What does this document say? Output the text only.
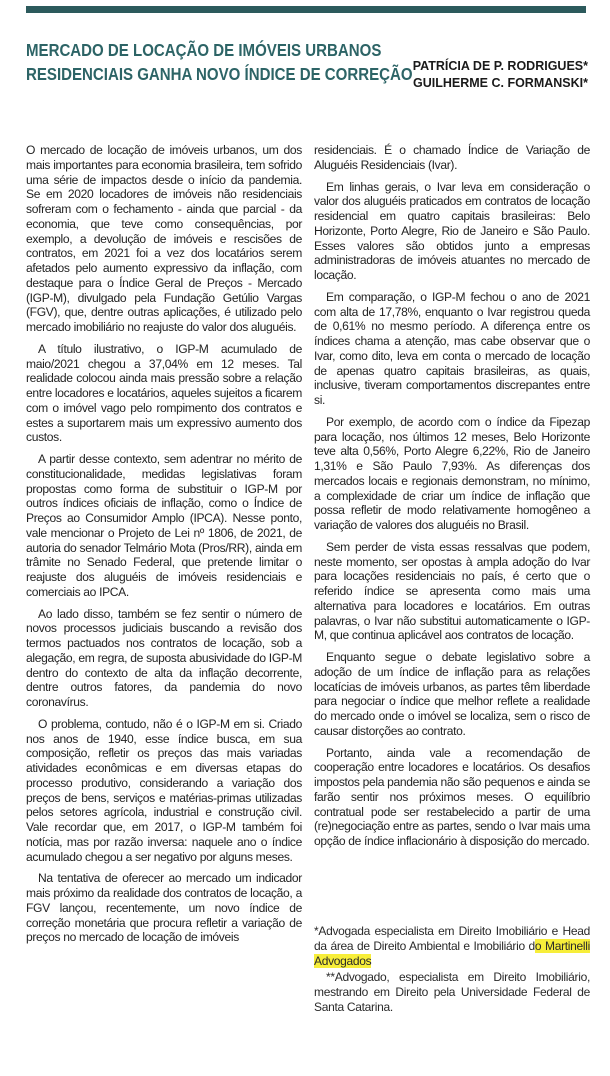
MERCADO DE LOCAÇÃO DE IMÓVEIS URBANOS
RESIDENCIAIS GANHA NOVO ÍNDICE DE CORREÇÃO PATRÍCIA DE P. RODRIGUES*
GUILHERME C. FORMANSKI*

O mercado de locação de imóveis urbanos, um dos mais importantes para economia brasileira, tem sofrido uma série de impactos desde o início da pandemia. Se em 2020 locadores de imóveis não residenciais sofreram com o fechamento - ainda que parcial - da economia, que teve como consequências, por exemplo, a devolução de imóveis e rescisões de contratos, em 2021 foi a vez dos locatários serem afetados pelo aumento expressivo da inflação, com destaque para o Índice Geral de Preços - Mercado (IGP-M), divulgado pela Fundação Getúlio Vargas (FGV), que, dentre outras aplicações, é utilizado pelo mercado imobiliário no reajuste do valor dos aluguéis.

A título ilustrativo, o IGP-M acumulado de maio/2021 chegou a 37,04% em 12 meses. Tal realidade colocou ainda mais pressão sobre a relação entre locadores e locatários, aqueles sujeitos a ficarem com o imóvel vago pelo rompimento dos contratos e estes a suportarem mais um expressivo aumento dos custos.

A partir desse contexto, sem adentrar no mérito de constitucionalidade, medidas legislativas foram propostas como forma de substituir o IGP-M por outros índices oficiais de inflação, como o Índice de Preços ao Consumidor Amplo (IPCA). Nesse ponto, vale mencionar o Projeto de Lei nº 1806, de 2021, de autoria do senador Telmário Mota (Pros/RR), ainda em trâmite no Senado Federal, que pretende limitar o reajuste dos aluguéis de imóveis residenciais e comerciais ao IPCA.

Ao lado disso, também se fez sentir o número de novos processos judiciais buscando a revisão dos termos pactuados nos contratos de locação, sob a alegação, em regra, de suposta abusividade do IGP-M dentro do contexto de alta da inflação decorrente, dentre outros fatores, da pandemia do novo coronavírus.

O problema, contudo, não é o IGP-M em si. Criado nos anos de 1940, esse índice busca, em sua composição, refletir os preços das mais variadas atividades econômicas e em diversas etapas do processo produtivo, considerando a variação dos preços de bens, serviços e matérias-primas utilizadas pelos setores agrícola, industrial e construção civil. Vale recordar que, em 2017, o IGP-M também foi notícia, mas por razão inversa: naquele ano o índice acumulado chegou a ser negativo por alguns meses.

Na tentativa de oferecer ao mercado um indicador mais próximo da realidade dos contratos de locação, a FGV lançou, recentemente, um novo índice de correção monetária que procura refletir a variação de preços no mercado de locação de imóveis

residenciais. É o chamado Índice de Variação de Aluguéis Residenciais (Ivar).

Em linhas gerais, o Ivar leva em consideração o valor dos aluguéis praticados em contratos de locação residencial em quatro capitais brasileiras: Belo Horizonte, Porto Alegre, Rio de Janeiro e São Paulo. Esses valores são obtidos junto a empresas administradoras de imóveis atuantes no mercado de locação.

Em comparação, o IGP-M fechou o ano de 2021 com alta de 17,78%, enquanto o Ivar registrou queda de 0,61% no mesmo período. A diferença entre os índices chama a atenção, mas cabe observar que o Ivar, como dito, leva em conta o mercado de locação de apenas quatro capitais brasileiras, as quais, inclusive, tiveram comportamentos discrepantes entre si.

Por exemplo, de acordo com o índice da Fipezap para locação, nos últimos 12 meses, Belo Horizonte teve alta 0,56%, Porto Alegre 6,22%, Rio de Janeiro 1,31% e São Paulo 7,93%. As diferenças dos mercados locais e regionais demonstram, no mínimo, a complexidade de criar um índice de inflação que possa refletir de modo relativamente homogêneo a variação de valores dos aluguéis no Brasil.

Sem perder de vista essas ressalvas que podem, neste momento, ser opostas à ampla adoção do Ivar para locações residenciais no país, é certo que o referido índice se apresenta como mais uma alternativa para locadores e locatários. Em outras palavras, o Ivar não substitui automaticamente o IGP-M, que continua aplicável aos contratos de locação.

Enquanto segue o debate legislativo sobre a adoção de um índice de inflação para as relações locatícias de imóveis urbanos, as partes têm liberdade para negociar o índice que melhor reflete a realidade do mercado onde o imóvel se localiza, sem o risco de causar distorções ao contrato.

Portanto, ainda vale a recomendação de cooperação entre locadores e locatários. Os desafios impostos pela pandemia não são pequenos e ainda se farão sentir nos próximos meses. O equilíbrio contratual pode ser restabelecido a partir de uma (re)negociação entre as partes, sendo o Ivar mais uma opção de índice inflacionário à disposição do mercado.

*Advogada especialista em Direito Imobiliário e Head da área de Direito Ambiental e Imobiliário do Martinelli Advogados

**Advogado, especialista em Direito Imobiliário, mestrando em Direito pela Universidade Federal de Santa Catarina.
